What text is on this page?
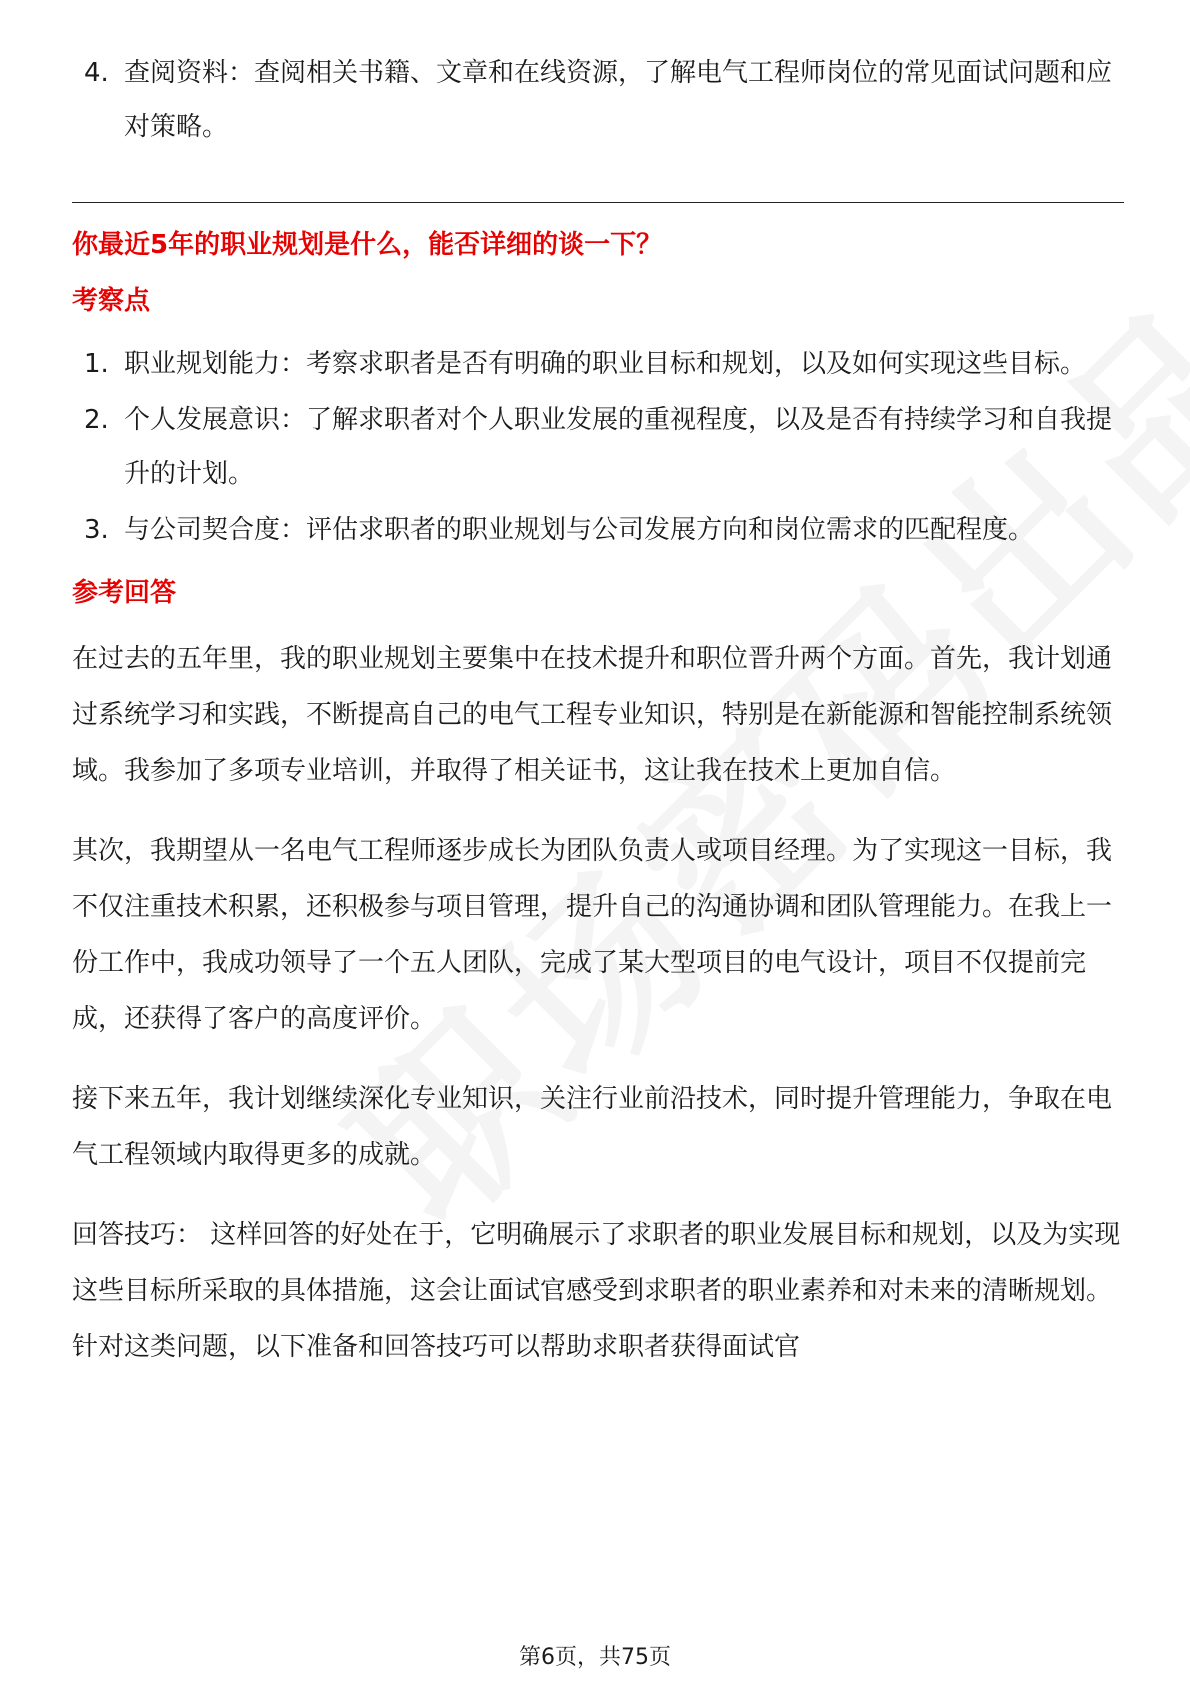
4. 查阅资料：查阅相关书籍、文章和在线资源，了解电气工程师岗位的常见面试问题和应对策略。
你最近5年的职业规划是什么，能否详细的谈一下？
考察点
1. 职业规划能力：考察求职者是否有明确的职业目标和规划，以及如何实现这些目标。
2. 个人发展意识：了解求职者对个人职业发展的重视程度，以及是否有持续学习和自我提升的计划。
3. 与公司契合度：评估求职者的职业规划与公司发展方向和岗位需求的匹配程度。
参考回答

在过去的五年里，我的职业规划主要集中在技术提升和职位晋升两个方面。首先，我计划通过系统学习和实践，不断提高自己的电气工程专业知识，特别是在新能源和智能控制系统领域。我参加了多项专业培训，并取得了相关证书，这让我在技术上更加自信。

其次，我期望从一名电气工程师逐步成长为团队负责人或项目经理。为了实现这一目标，我不仅注重技术积累，还积极参与项目管理，提升自己的沟通协调和团队管理能力。在我上一份工作中，我成功领导了一个五人团队，完成了某大型项目的电气设计，项目不仅提前完成，还获得了客户的高度评价。

接下来五年，我计划继续深化专业知识，关注行业前沿技术，同时提升管理能力，争取在电气工程领域内取得更多的成就。

回答技巧： 这样回答的好处在于，它明确展示了求职者的职业发展目标和规划，以及为实现这些目标所采取的具体措施，这会让面试官感受到求职者的职业素养和对未来的清晰规划。针对这类问题，以下准备和回答技巧可以帮助求职者获得面试官

第6页，共75页
